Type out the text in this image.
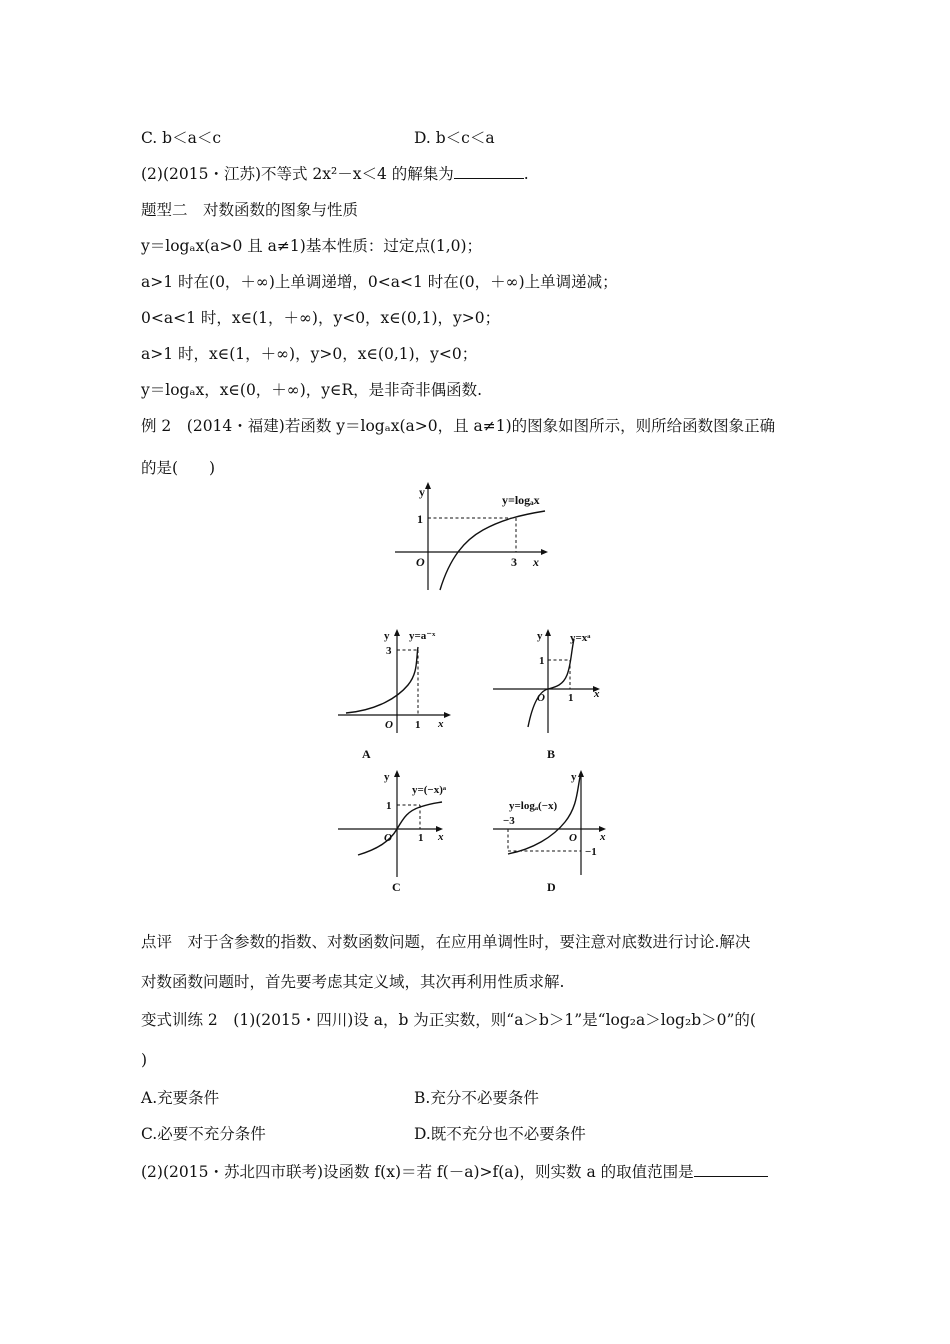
C. b＜a＜c	D. b＜c＜a
(2)(2015・江苏)不等式 2x²－x＜4 的解集为	.
题型二　对数函数的图象与性质
y＝logₐx(a>0 且 a≠1)基本性质：过定点(1,0)；
a>1 时在(0，＋∞)上单调递增，0<a<1 时在(0，＋∞)上单调递减；
0<a<1 时，x∈(1，＋∞)，y<0，x∈(0,1)，y>0；
a>1 时，x∈(1，＋∞)，y>0，x∈(0,1)，y<0；
y＝logₐx，x∈(0，＋∞)，y∈R，是非奇非偶函数.
例 2　(2014・福建)若函数 y＝logₐx(a>0，且 a≠1)的图象如图所示，则所给函数图象正确
的是(　　)
y
x
O
1
3
y=logₐx
y
x
O
3
1
y=a⁻ˣ
A
y
x
O
1
1
y=xᵃ
B
y
x
O
1
1
y=(−x)ᵃ
C
y
x
O
−3
−1
y=logₐ(−x)
D
点评　对于含参数的指数、对数函数问题，在应用单调性时，要注意对底数进行讨论.解决
对数函数问题时，首先要考虑其定义域，其次再利用性质求解.
变式训练 2　(1)(2015・四川)设 a，b 为正实数，则“a＞b＞1”是“log₂a＞log₂b＞0”的(
)
A.充要条件	B.充分不必要条件
C.必要不充分条件	D.既不充分也不必要条件
(2)(2015・苏北四市联考)设函数 f(x)＝若 f(－a)>f(a)，则实数 a 的取值范围是
